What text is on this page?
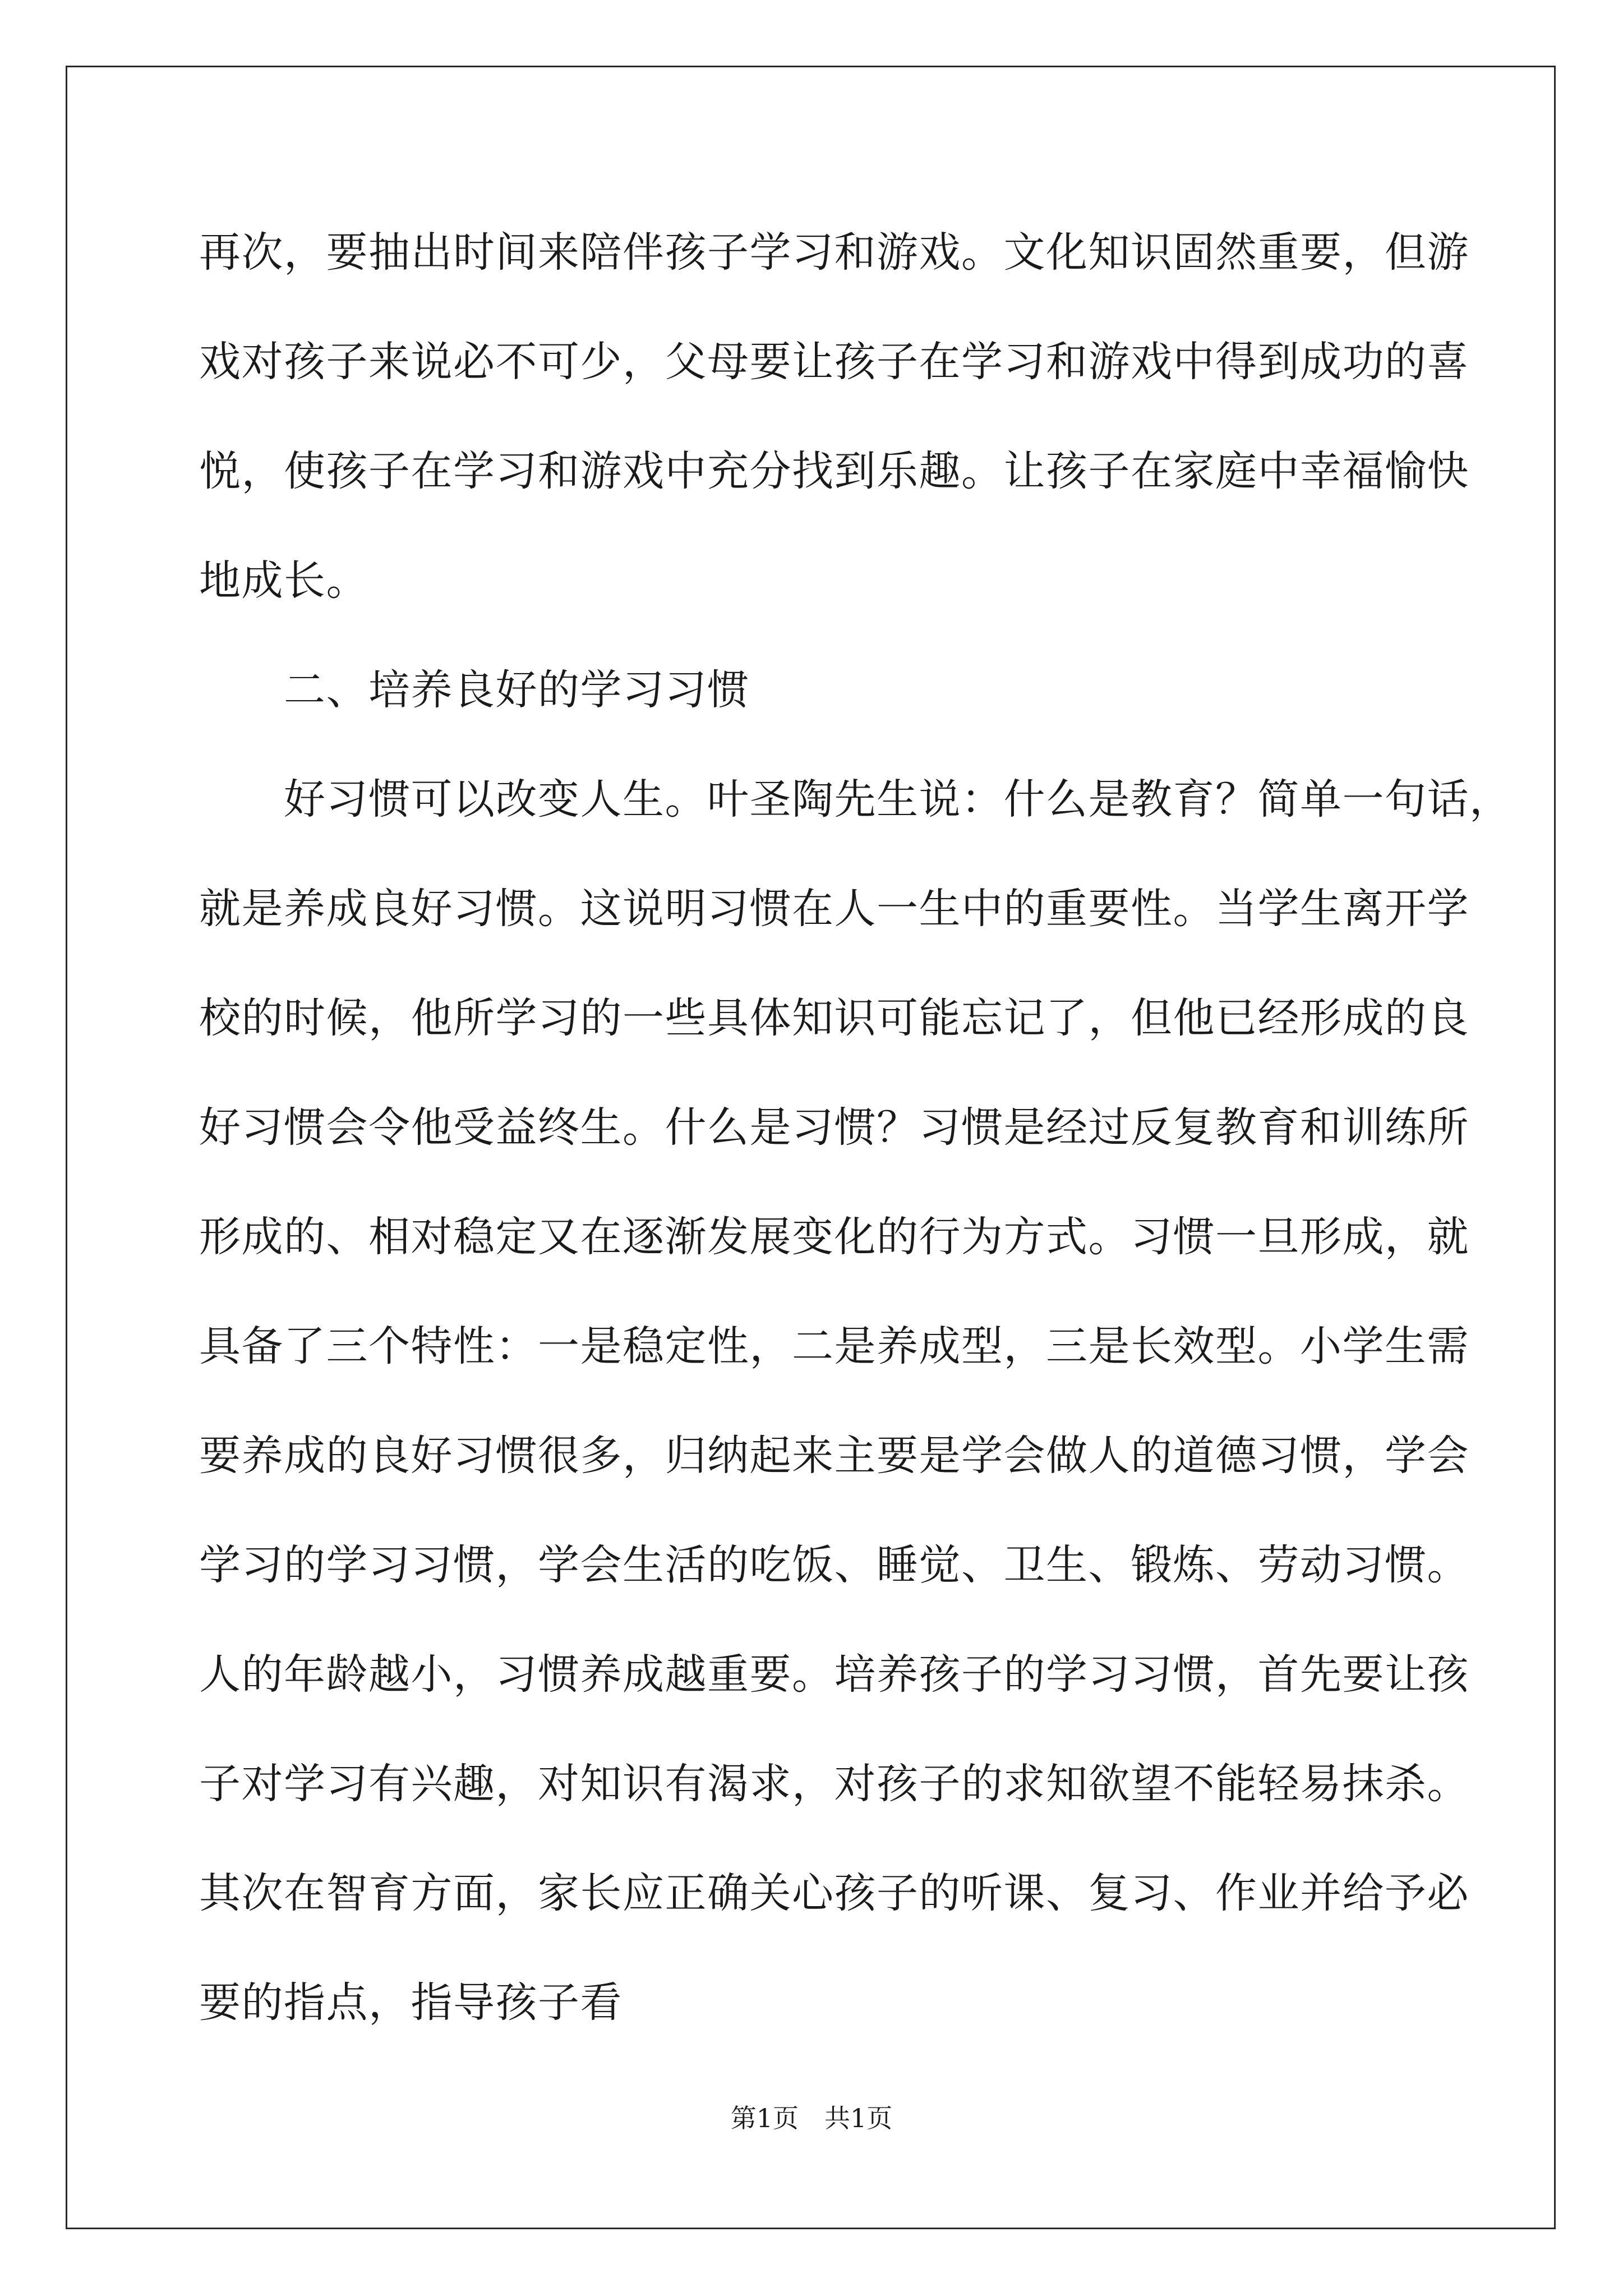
再次，要抽出时间来陪伴孩子学习和游戏。文化知识固然重要，但游
戏对孩子来说必不可少，父母要让孩子在学习和游戏中得到成功的喜
悦，使孩子在学习和游戏中充分找到乐趣。让孩子在家庭中幸福愉快
地成长。
　　二、培养良好的学习习惯
　　好习惯可以改变人生。叶圣陶先生说：什么是教育？简单一句话，
就是养成良好习惯。这说明习惯在人一生中的重要性。当学生离开学
校的时候，他所学习的一些具体知识可能忘记了，但他已经形成的良
好习惯会令他受益终生。什么是习惯？习惯是经过反复教育和训练所
形成的、相对稳定又在逐渐发展变化的行为方式。习惯一旦形成，就
具备了三个特性：一是稳定性，二是养成型，三是长效型。小学生需
要养成的良好习惯很多，归纳起来主要是学会做人的道德习惯，学会
学习的学习习惯，学会生活的吃饭、睡觉、卫生、锻炼、劳动习惯。
人的年龄越小，习惯养成越重要。培养孩子的学习习惯，首先要让孩
子对学习有兴趣，对知识有渴求，对孩子的求知欲望不能轻易抹杀。
其次在智育方面，家长应正确关心孩子的听课、复习、作业并给予必
要的指点，指导孩子看
第1页　共1页
